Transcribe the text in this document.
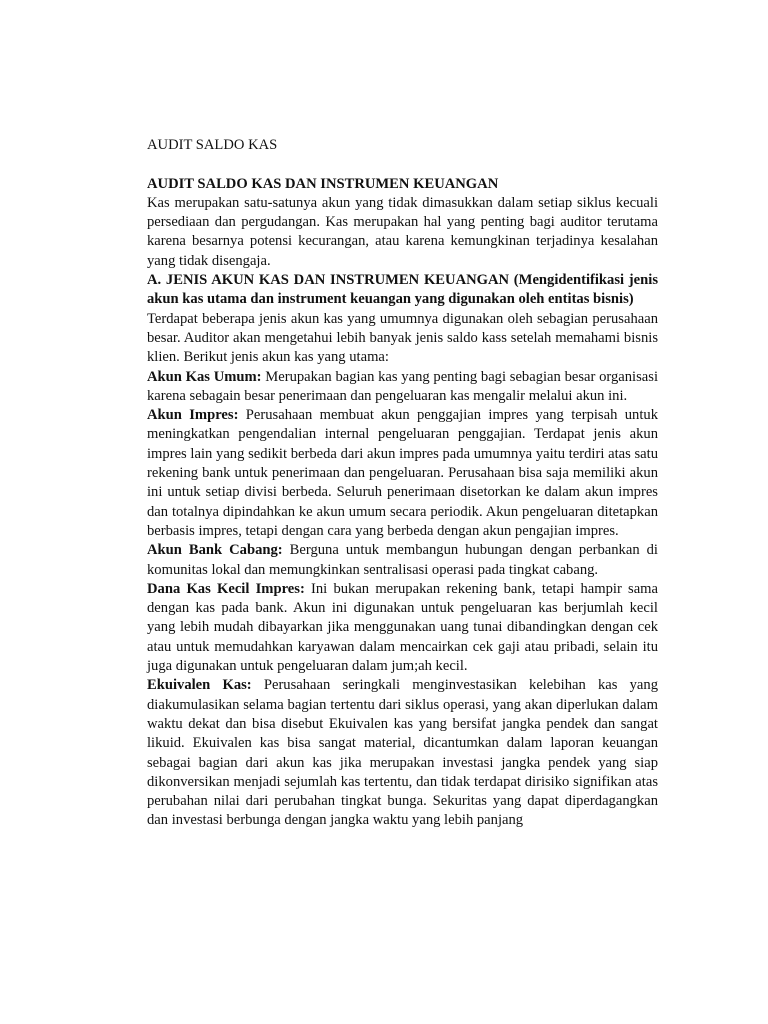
AUDIT SALDO KAS
AUDIT SALDO KAS DAN INSTRUMEN KEUANGAN

Kas merupakan satu-satunya akun yang tidak dimasukkan dalam setiap siklus kecuali persediaan dan pergudangan. Kas merupakan hal yang penting bagi auditor terutama karena besarnya potensi kecurangan, atau karena kemungkinan terjadinya kesalahan yang tidak disengaja.

A. JENIS AKUN KAS DAN INSTRUMEN KEUANGAN (Mengidentifikasi jenis akun kas utama dan instrument keuangan yang digunakan oleh entitas bisnis)

Terdapat beberapa jenis akun kas yang umumnya digunakan oleh sebagian perusahaan besar. Auditor akan mengetahui lebih banyak jenis saldo kass setelah memahami bisnis klien. Berikut jenis akun kas yang utama:

Akun Kas Umum: Merupakan bagian kas yang penting bagi sebagian besar organisasi karena sebagain besar penerimaan dan pengeluaran kas mengalir melalui akun ini.

Akun Impres: Perusahaan membuat akun penggajian impres yang terpisah untuk meningkatkan pengendalian internal pengeluaran penggajian. Terdapat jenis akun impres lain yang sedikit berbeda dari akun impres pada umumnya yaitu terdiri atas satu rekening bank untuk penerimaan dan pengeluaran. Perusahaan bisa saja memiliki akun ini untuk setiap divisi berbeda. Seluruh penerimaan disetorkan ke dalam akun impres dan totalnya dipindahkan ke akun umum secara periodik. Akun pengeluaran ditetapkan berbasis impres, tetapi dengan cara yang berbeda dengan akun pengajian impres.

Akun Bank Cabang: Berguna untuk membangun hubungan dengan perbankan di komunitas lokal dan memungkinkan sentralisasi operasi pada tingkat cabang.

Dana Kas Kecil Impres: Ini bukan merupakan rekening bank, tetapi hampir sama dengan kas pada bank. Akun ini digunakan untuk pengeluaran kas berjumlah kecil yang lebih mudah dibayarkan jika menggunakan uang tunai dibandingkan dengan cek atau untuk memudahkan karyawan dalam mencairkan cek gaji atau pribadi, selain itu juga digunakan untuk pengeluaran dalam jum;ah kecil.

Ekuivalen Kas: Perusahaan seringkali menginvestasikan kelebihan kas yang diakumulasikan selama bagian tertentu dari siklus operasi, yang akan diperlukan dalam waktu dekat dan bisa disebut Ekuivalen kas yang bersifat jangka pendek dan sangat likuid. Ekuivalen kas bisa sangat material, dicantumkan dalam laporan keuangan sebagai bagian dari akun kas jika merupakan investasi jangka pendek yang siap dikonversikan menjadi sejumlah kas tertentu, dan tidak terdapat dirisiko signifikan atas perubahan nilai dari perubahan tingkat bunga. Sekuritas yang dapat diperdagangkan dan investasi berbunga dengan jangka waktu yang lebih panjang
